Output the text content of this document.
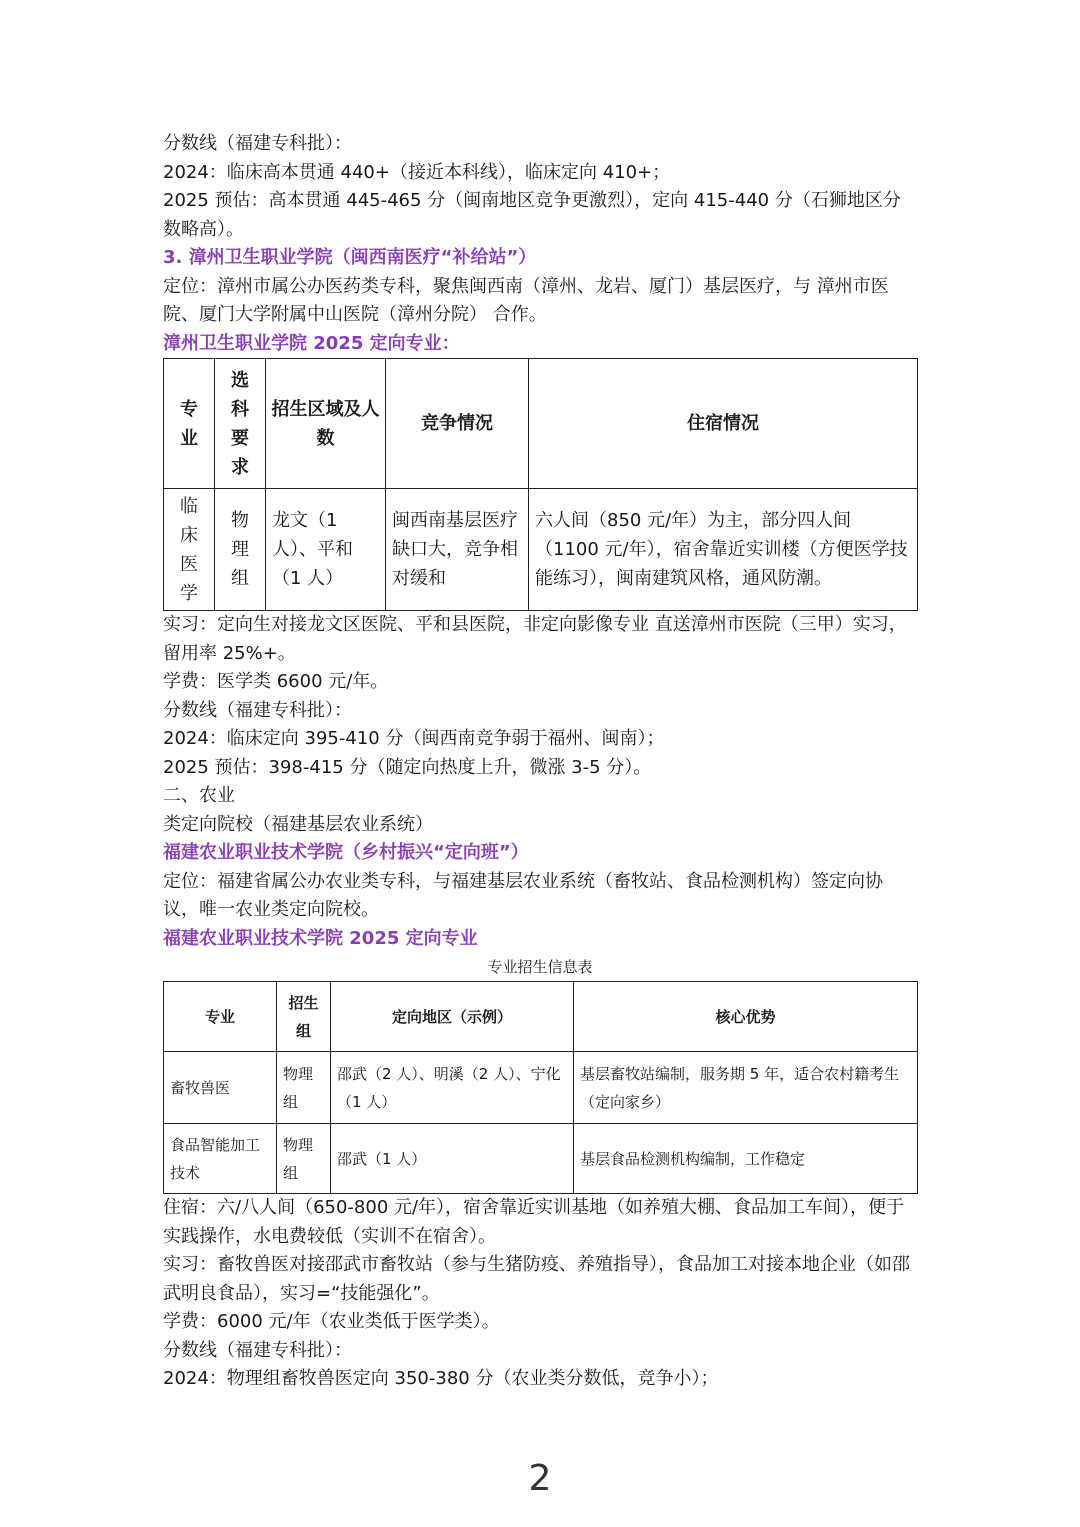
分数线（福建专科批）：

2024：临床高本贯通 440+（接近本科线），临床定向 410+；

2025 预估：高本贯通 445-465 分（闽南地区竞争更激烈），定向 415-440 分（石狮地区分数略高）。

3. 漳州卫生职业学院（闽西南医疗“补给站”）

定位：漳州市属公办医药类专科，聚焦闽西南（漳州、龙岩、厦门）基层医疗，与 漳州市医院、厦门大学附属中山医院（漳州分院） 合作。

漳州卫生职业学院 2025 定向专业：

专业	选科要求	招生区域及人数	竞争情况	住宿情况
临床医学	物理组	龙文（1 人）、平和（1 人）	闽西南基层医疗缺口大，竞争相对缓和	六人间（850 元/年）为主，部分四人间（1100 元/年），宿舍靠近实训楼（方便医学技能练习），闽南建筑风格，通风防潮。

实习：定向生对接龙文区医院、平和县医院，非定向影像专业 直送漳州市医院（三甲）实习，留用率 25%+。

学费：医学类 6600 元/年。

分数线（福建专科批）：

2024：临床定向 395-410 分（闽西南竞争弱于福州、闽南）；

2025 预估：398-415 分（随定向热度上升，微涨 3-5 分）。

二、农业

类定向院校（福建基层农业系统）

福建农业职业技术学院（乡村振兴“定向班”）

定位：福建省属公办农业类专科，与福建基层农业系统（畜牧站、食品检测机构）签定向协议，唯一农业类定向院校。

福建农业职业技术学院 2025 定向专业

专业招生信息表

专业	招生组	定向地区（示例）	核心优势
畜牧兽医	物理组	邵武（2 人）、明溪（2 人）、宁化（1 人）	基层畜牧站编制，服务期 5 年，适合农村籍考生（定向家乡）
食品智能加工技术	物理组	邵武（1 人）	基层食品检测机构编制，工作稳定

住宿：六/八人间（650-800 元/年），宿舍靠近实训基地（如养殖大棚、食品加工车间），便于实践操作，水电费较低（实训不在宿舍）。

实习：畜牧兽医对接邵武市畜牧站（参与生猪防疫、养殖指导），食品加工对接本地企业（如邵武明良食品），实习=“技能强化”。

学费：6000 元/年（农业类低于医学类）。

分数线（福建专科批）：

2024：物理组畜牧兽医定向 350-380 分（农业类分数低，竞争小）；

2
